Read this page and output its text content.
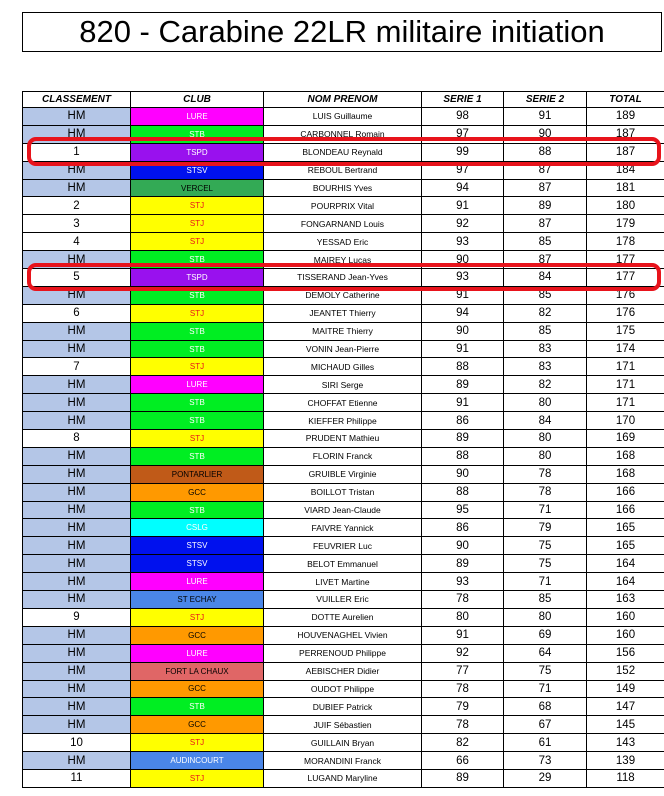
820 - Carabine 22LR militaire initiation
CLASSEMENT	CLUB	NOM PRENOM	SERIE 1	SERIE 2	TOTAL
HM	LURE	LUIS Guillaume	98	91	189
HM	STB	CARBONNEL Romain	97	90	187
1	TSPD	BLONDEAU Reynald	99	88	187
HM	STSV	REBOUL Bertrand	97	87	184
HM	VERCEL	BOURHIS Yves	94	87	181
2	STJ	POURPRIX Vital	91	89	180
3	STJ	FONGARNAND Louis	92	87	179
4	STJ	YESSAD Eric	93	85	178
HM	STB	MAIREY Lucas	90	87	177
5	TSPD	TISSERAND Jean-Yves	93	84	177
HM	STB	DEMOLY Catherine	91	85	176
6	STJ	JEANTET Thierry	94	82	176
HM	STB	MAITRE Thierry	90	85	175
HM	STB	VONIN Jean-Pierre	91	83	174
7	STJ	MICHAUD Gilles	88	83	171
HM	LURE	SIRI Serge	89	82	171
HM	STB	CHOFFAT Etienne	91	80	171
HM	STB	KIEFFER Philippe	86	84	170
8	STJ	PRUDENT Mathieu	89	80	169
HM	STB	FLORIN Franck	88	80	168
HM	PONTARLIER	GRUIBLE Virginie	90	78	168
HM	GCC	BOILLOT Tristan	88	78	166
HM	STB	VIARD Jean-Claude	95	71	166
HM	CSLG	FAIVRE Yannick	86	79	165
HM	STSV	FEUVRIER Luc	90	75	165
HM	STSV	BELOT Emmanuel	89	75	164
HM	LURE	LIVET Martine	93	71	164
HM	ST ECHAY	VUILLER Eric	78	85	163
9	STJ	DOTTE Aurelien	80	80	160
HM	GCC	HOUVENAGHEL Vivien	91	69	160
HM	LURE	PERRENOUD Philippe	92	64	156
HM	FORT LA CHAUX	AEBISCHER Didier	77	75	152
HM	GCC	OUDOT Philippe	78	71	149
HM	STB	DUBIEF Patrick	79	68	147
HM	GCC	JUIF Sébastien	78	67	145
10	STJ	GUILLAIN Bryan	82	61	143
HM	AUDINCOURT	MORANDINI Franck	66	73	139
11	STJ	LUGAND Maryline	89	29	118
